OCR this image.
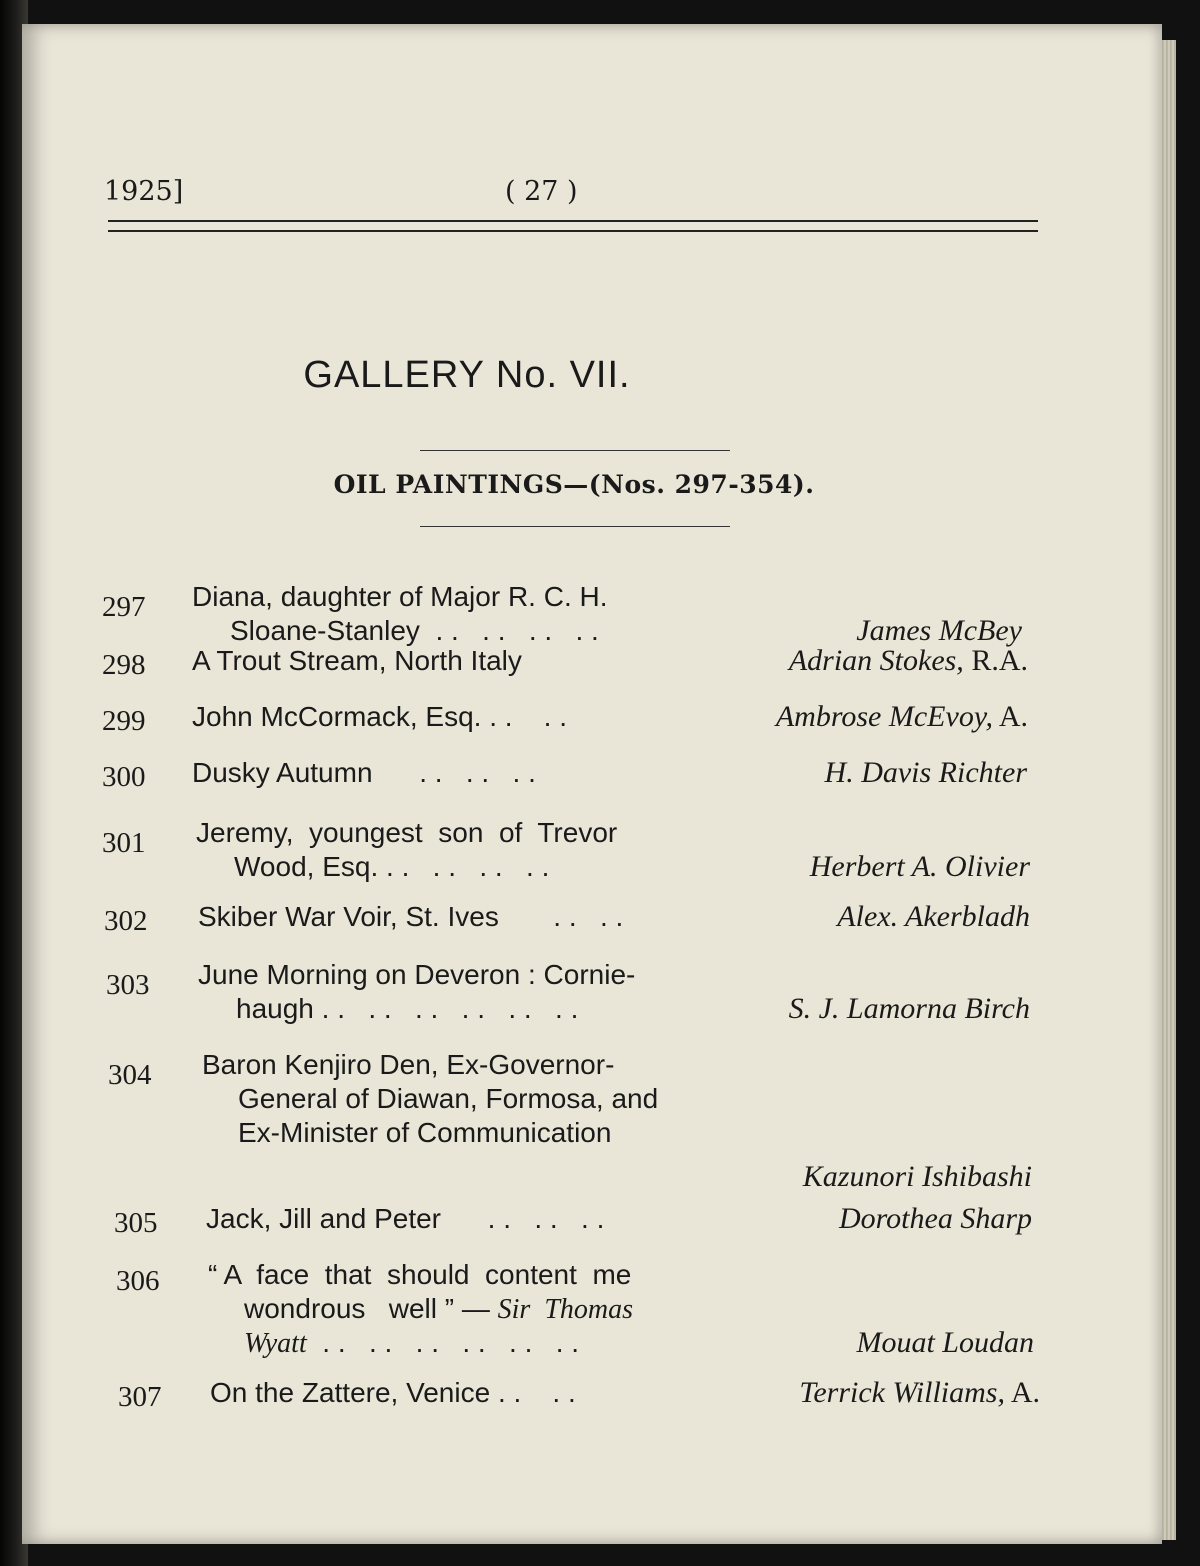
1925]	( 27 )
GALLERY No. VII.
OIL PAINTINGS—(Nos. 297-354).
297 Diana, daughter of Major R. C. H.
Sloane-Stanley  . .   . .   . .   . .	James McBey
298 A Trout Stream, North Italy	Adrian Stokes, R.A.
299 John McCormack, Esq. . .    . .	Ambrose McEvoy, A.
300 Dusky Autumn      . .   . .   . .	H. Davis Richter
301 Jeremy,  youngest  son  of  Trevor
Wood, Esq. . .   . .   . .   . .	Herbert A. Olivier
302 Skiber War Voir, St. Ives       . .   . .	Alex. Akerbladh
303 June Morning on Deveron : Cornie-
haugh . .   . .   . .   . .   . .   . .	S. J. Lamorna Birch
304 Baron Kenjiro Den, Ex-Governor-
General of Diawan, Formosa, and
Ex-Minister of Communication
Kazunori Ishibashi
305 Jack, Jill and Peter      . .   . .   . .	Dorothea Sharp
306 “ A  face  that  should  content  me
wondrous   well ” — Sir  Thomas
Wyatt  . .   . .   . .   . .   . .   . .	Mouat Loudan
307 On the Zattere, Venice . .    . .	Terrick Williams, A.
